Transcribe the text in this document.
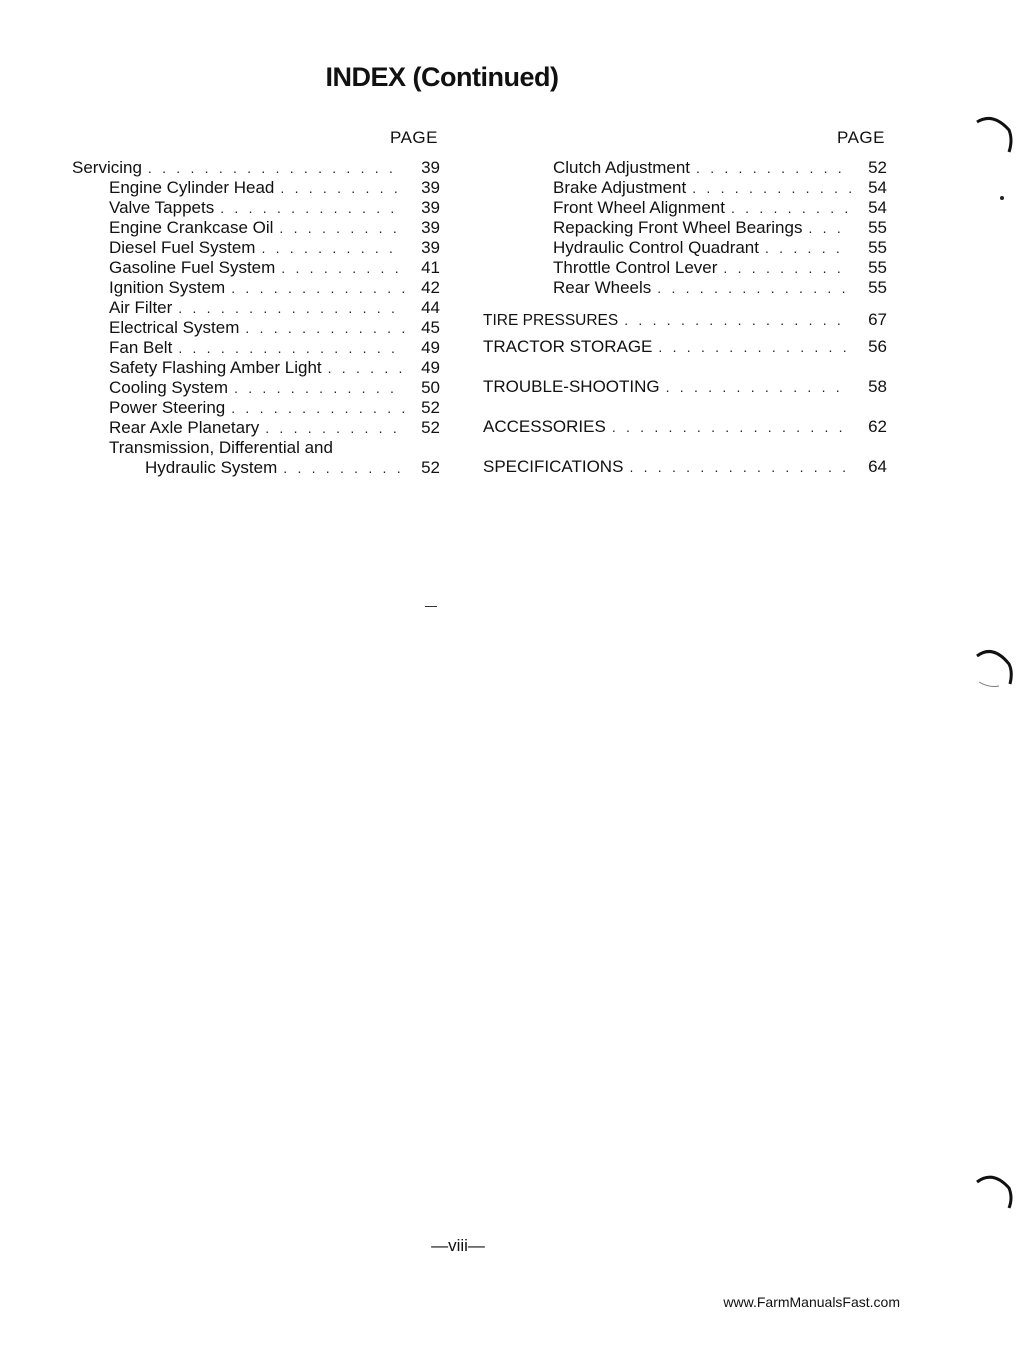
INDEX (Continued)
PAGE
Servicing . . .	39
Engine Cylinder Head . . .	39
Valve Tappets . . .	39
Engine Crankcase Oil . . .	39
Diesel Fuel System . . .	39
Gasoline Fuel System . . .	41
Ignition System . . .	42
Air Filter . . .	44
Electrical System . . .	45
Fan Belt . . .	49
Safety Flashing Amber Light . . .	49
Cooling System . . .	50
Power Steering . . .	52
Rear Axle Planetary . . .	52
Transmission, Differential and
Hydraulic System . . .	52
PAGE
Clutch Adjustment . . .	52
Brake Adjustment . . .	54
Front Wheel Alignment . . .	54
Repacking Front Wheel Bearings . . .	55
Hydraulic Control Quadrant . . .	55
Throttle Control Lever . . .	55
Rear Wheels . . .	55
TIRE PRESSURES . . .	67
TRACTOR STORAGE . . .	56
TROUBLE-SHOOTING . . .	58
ACCESSORIES . . .	62
SPECIFICATIONS . . .	64
—viii—
www.FarmManualsFast.com
